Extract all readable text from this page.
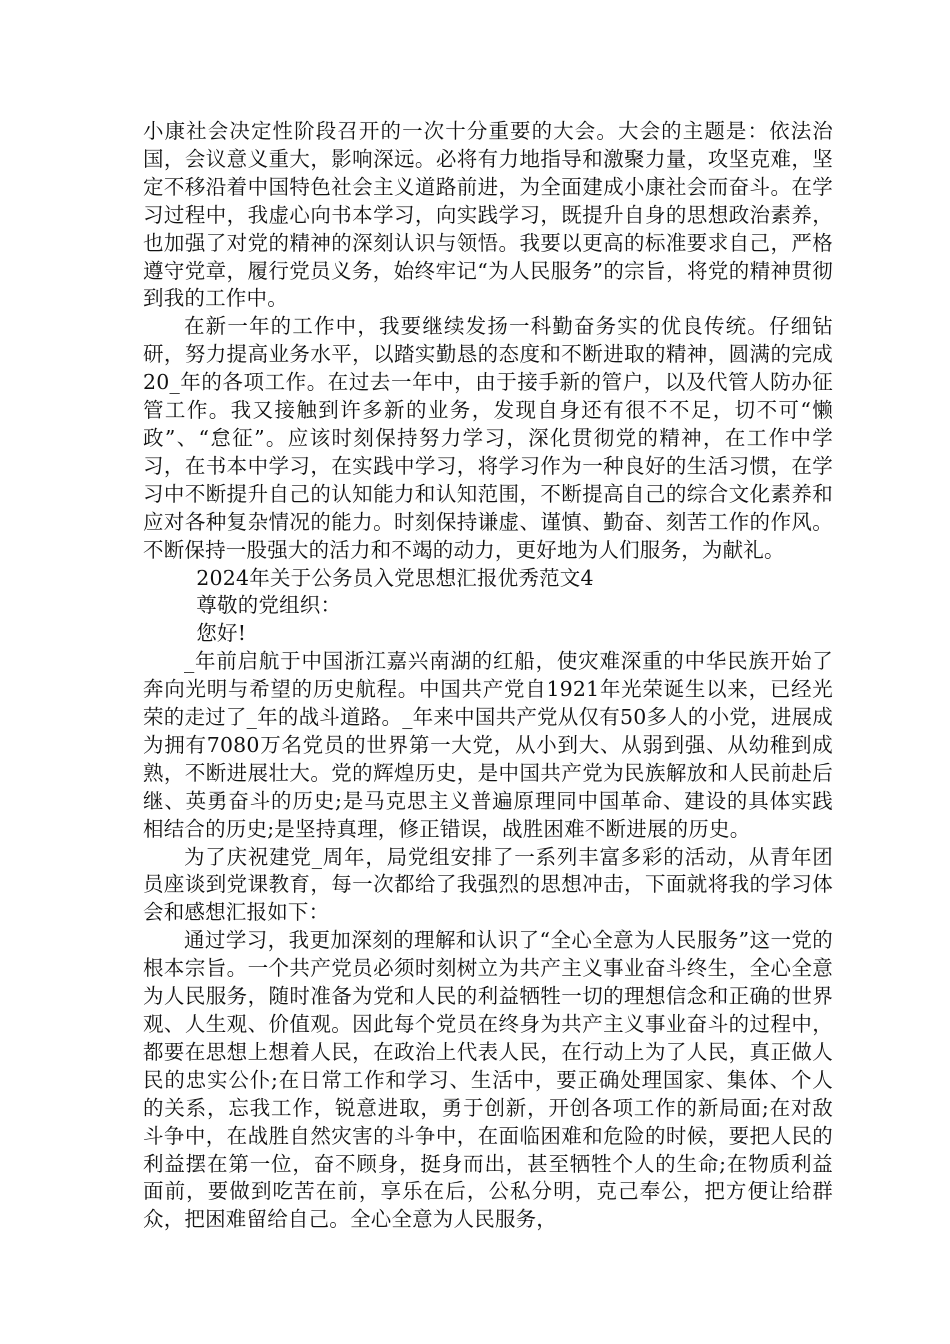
小康社会决定性阶段召开的一次十分重要的大会。大会的主题是：依法治国，会议意义重大，影响深远。必将有力地指导和激聚力量，攻坚克难，坚定不移沿着中国特色社会主义道路前进，为全面建成小康社会而奋斗。在学习过程中，我虚心向书本学习，向实践学习，既提升自身的思想政治素养，也加强了对党的精神的深刻认识与领悟。我要以更高的标准要求自己，严格遵守党章，履行党员义务，始终牢记“为人民服务”的宗旨，将党的精神贯彻到我的工作中。

在新一年的工作中，我要继续发扬一科勤奋务实的优良传统。仔细钻研，努力提高业务水平，以踏实勤恳的态度和不断进取的精神，圆满的完成20_年的各项工作。在过去一年中，由于接手新的管户，以及代管人防办征管工作。我又接触到许多新的业务，发现自身还有很不不足，切不可“懒政”、“怠征”。应该时刻保持努力学习，深化贯彻党的精神，在工作中学习，在书本中学习，在实践中学习，将学习作为一种良好的生活习惯，在学习中不断提升自己的认知能力和认知范围，不断提高自己的综合文化素养和应对各种复杂情况的能力。时刻保持谦虚、谨慎、勤奋、刻苦工作的作风。不断保持一股强大的活力和不竭的动力，更好地为人们服务，为献礼。

2024年关于公务员入党思想汇报优秀范文4

尊敬的党组织：

您好!

_年前启航于中国浙江嘉兴南湖的红船，使灾难深重的中华民族开始了奔向光明与希望的历史航程。中国共产党自1921年光荣诞生以来，已经光荣的走过了_年的战斗道路。_年来中国共产党从仅有50多人的小党，进展成为拥有7080万名党员的世界第一大党，从小到大、从弱到强、从幼稚到成熟，不断进展壮大。党的辉煌历史，是中国共产党为民族解放和人民前赴后继、英勇奋斗的历史;是马克思主义普遍原理同中国革命、建设的具体实践相结合的历史;是坚持真理，修正错误，战胜困难不断进展的历史。

为了庆祝建党_周年，局党组安排了一系列丰富多彩的活动，从青年团员座谈到党课教育，每一次都给了我强烈的思想冲击，下面就将我的学习体会和感想汇报如下：

通过学习，我更加深刻的理解和认识了“全心全意为人民服务”这一党的根本宗旨。一个共产党员必须时刻树立为共产主义事业奋斗终生，全心全意为人民服务，随时准备为党和人民的利益牺牲一切的理想信念和正确的世界观、人生观、价值观。因此每个党员在终身为共产主义事业奋斗的过程中，都要在思想上想着人民，在政治上代表人民，在行动上为了人民，真正做人民的忠实公仆;在日常工作和学习、生活中，要正确处理国家、集体、个人的关系，忘我工作，锐意进取，勇于创新，开创各项工作的新局面;在对敌斗争中，在战胜自然灾害的斗争中，在面临困难和危险的时候，要把人民的利益摆在第一位，奋不顾身，挺身而出，甚至牺牲个人的生命;在物质利益面前，要做到吃苦在前，享乐在后，公私分明，克己奉公，把方便让给群众，把困难留给自己。全心全意为人民服务，
